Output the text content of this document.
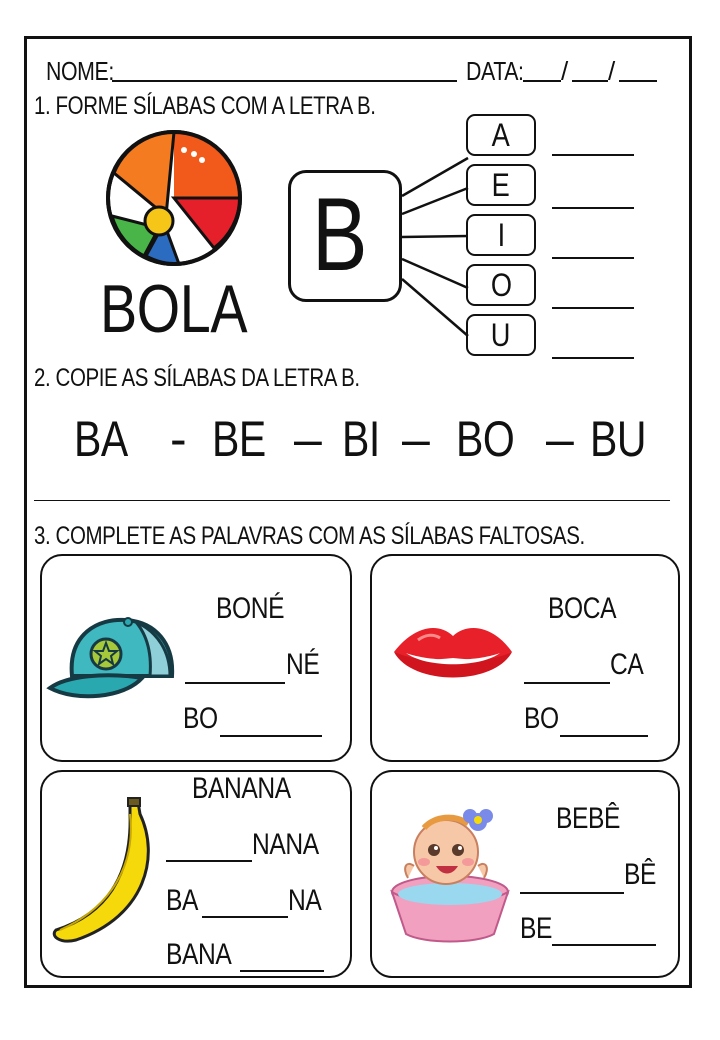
NOME:	DATA: / /
1. FORME SÍLABAS COM A LETRA B.
BOLA
B
A
E
I
O
U
2. COPIE AS SÍLABAS DA LETRA B.
BA - BE – BI – BO – BU
3. COMPLETE AS PALAVRAS COM AS SÍLABAS FALTOSAS.
BONÉ
NÉ
BO
BOCA
CA
BO
BANANA
NANA
BA	NA
BANA
BEBÊ
BÊ
BE
